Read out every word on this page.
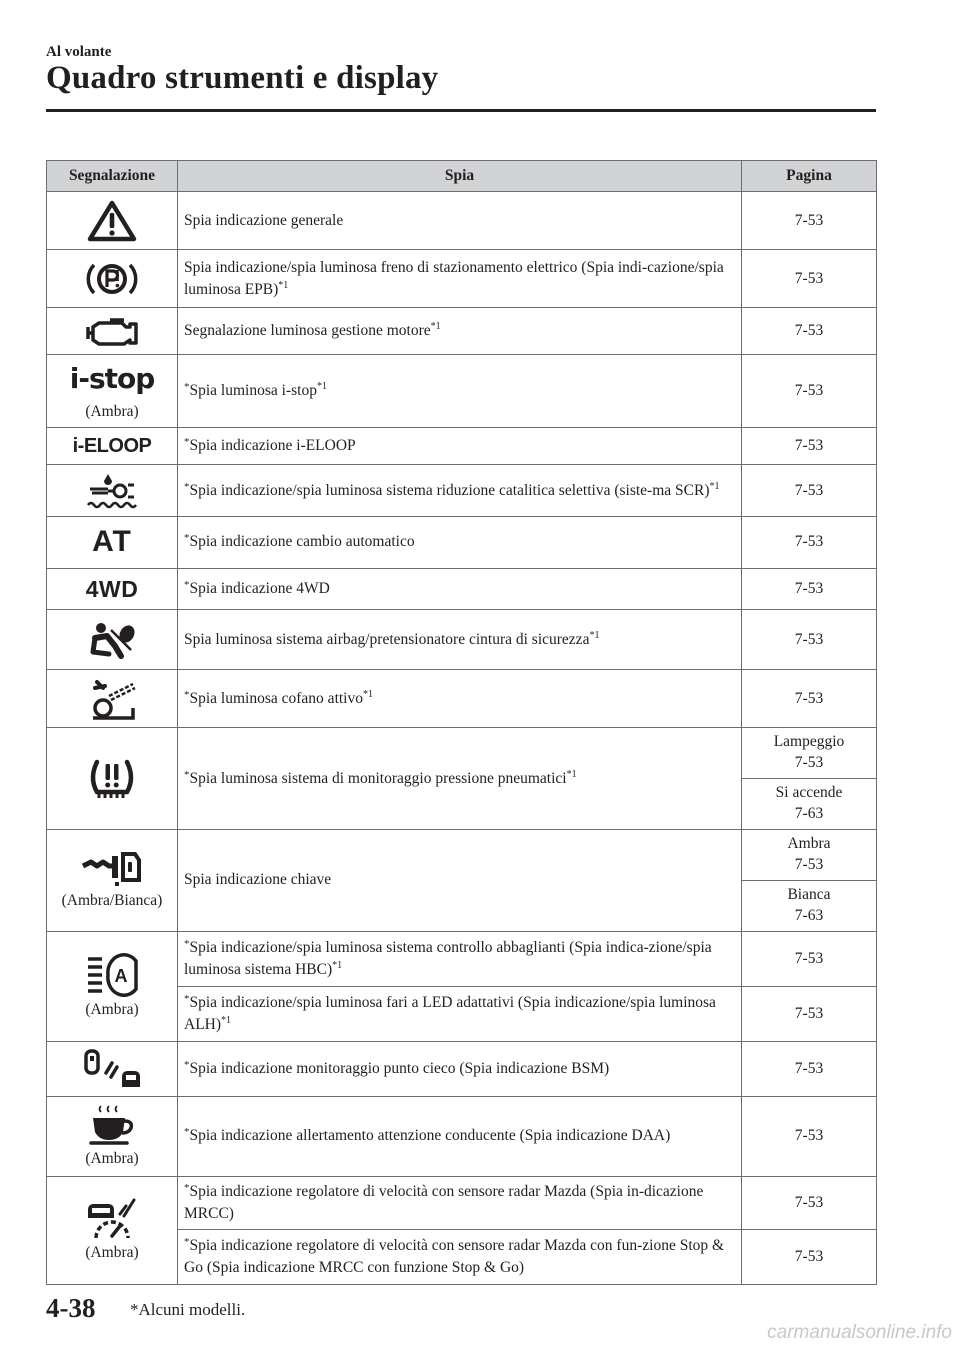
Al volante
Quadro strumenti e display
Segnalazione	Spia	Pagina

	Spia indicazione generale	7-53

	Spia indicazione/spia luminosa freno di stazionamento elettrico (Spia indi-cazione/spia luminosa EPB)$^{*1}$	7-53

	Segnalazione luminosa gestione motore$^{*1}$	7-53
i-stop
(Ambra)	*Spia luminosa i-stop$^{*1}$	7-53
i-ELOOP	*Spia indicazione i-ELOOP	7-53

	*Spia indicazione/spia luminosa sistema riduzione catalitica selettiva (siste-ma SCR)$^{*1}$	7-53
AT	*Spia indicazione cambio automatico	7-53
4WD	*Spia indicazione 4WD	7-53

	Spia luminosa sistema airbag/pretensionatore cintura di sicurezza$^{*1}$	7-53

	*Spia luminosa cofano attivo$^{*1}$	7-53

	*Spia luminosa sistema di monitoraggio pressione pneumatici$^{*1}$	Lampeggio
7-53

		Si accende
7-63

(Ambra/Bianca)	Spia indicazione chiave	Ambra
7-53

		Bianca
7-63

A
(Ambra)	*Spia indicazione/spia luminosa sistema controllo abbaglianti (Spia indica-zione/spia luminosa sistema HBC)$^{*1}$	7-53
	*Spia indicazione/spia luminosa fari a LED adattativi (Spia indicazione/spia luminosa ALH)$^{*1}$	7-53

	*Spia indicazione monitoraggio punto cieco (Spia indicazione BSM)	7-53

(Ambra)	*Spia indicazione allertamento attenzione conducente (Spia indicazione DAA)	7-53

(Ambra)	*Spia indicazione regolatore di velocità con sensore radar Mazda (Spia in-dicazione MRCC)	7-53
	*Spia indicazione regolatore di velocità con sensore radar Mazda con fun-zione Stop & Go (Spia indicazione MRCC con funzione Stop & Go)	7-53
4-38 *Alcuni modelli.
carmanualsonline.info
